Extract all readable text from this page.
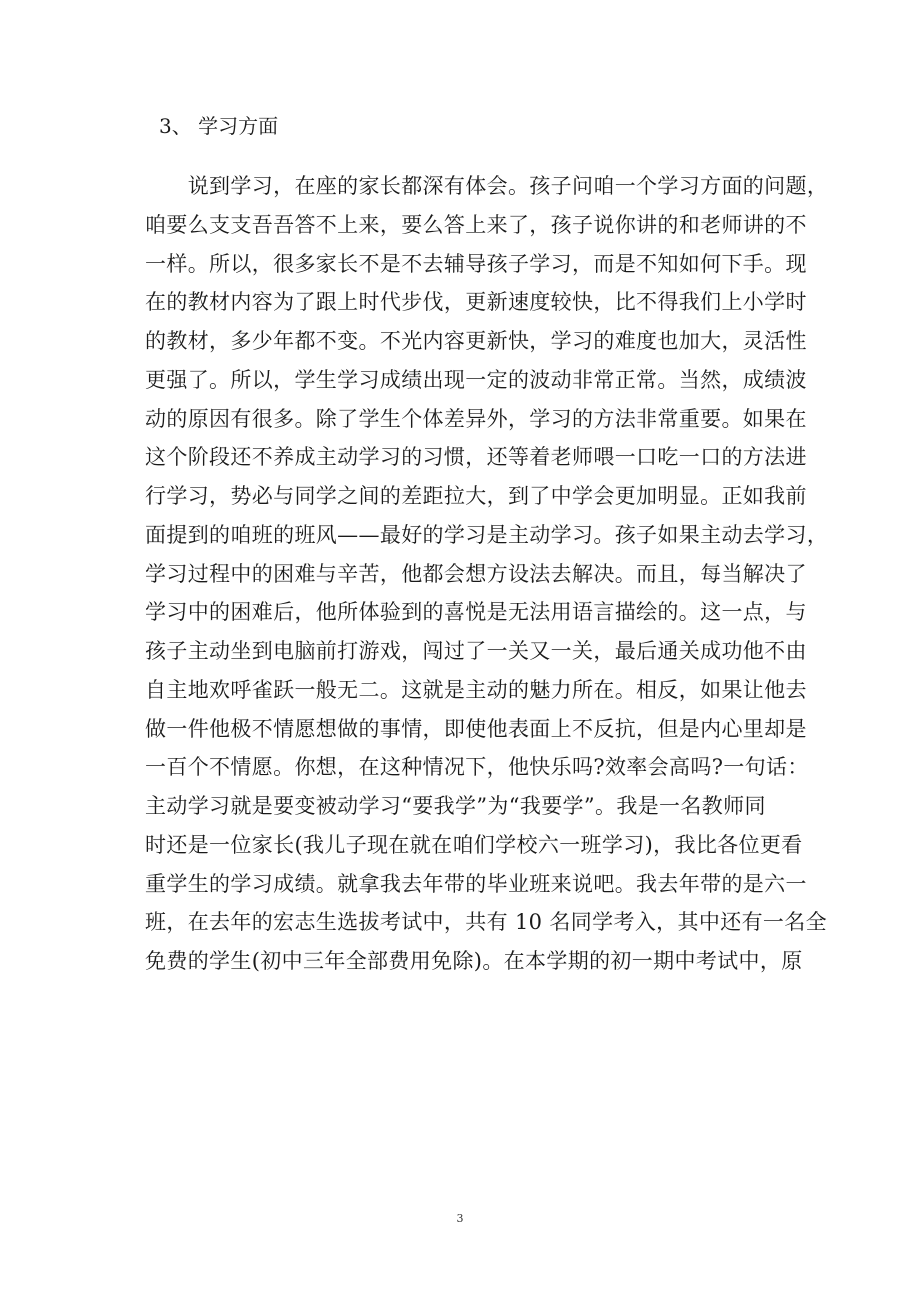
3、 学习方面
　　说到学习，在座的家长都深有体会。孩子问咱一个学习方面的问题，
咱要么支支吾吾答不上来，要么答上来了，孩子说你讲的和老师讲的不
一样。所以，很多家长不是不去辅导孩子学习，而是不知如何下手。现
在的教材内容为了跟上时代步伐，更新速度较快，比不得我们上小学时
的教材，多少年都不变。不光内容更新快，学习的难度也加大，灵活性
更强了。所以，学生学习成绩出现一定的波动非常正常。当然，成绩波
动的原因有很多。除了学生个体差异外，学习的方法非常重要。如果在
这个阶段还不养成主动学习的习惯，还等着老师喂一口吃一口的方法进
行学习，势必与同学之间的差距拉大，到了中学会更加明显。正如我前
面提到的咱班的班风——最好的学习是主动学习。孩子如果主动去学习，
学习过程中的困难与辛苦，他都会想方设法去解决。而且，每当解决了
学习中的困难后，他所体验到的喜悦是无法用语言描绘的。这一点，与
孩子主动坐到电脑前打游戏，闯过了一关又一关，最后通关成功他不由
自主地欢呼雀跃一般无二。这就是主动的魅力所在。相反，如果让他去
做一件他极不情愿想做的事情，即使他表面上不反抗，但是内心里却是
一百个不情愿。你想，在这种情况下，他快乐吗?效率会高吗?一句话：
主动学习就是要变被动学习“要我学”为“我要学”。我是一名教师同
时还是一位家长(我儿子现在就在咱们学校六一班学习)，我比各位更看
重学生的学习成绩。就拿我去年带的毕业班来说吧。我去年带的是六一
班，在去年的宏志生选拔考试中，共有 10 名同学考入，其中还有一名全
免费的学生(初中三年全部费用免除)。在本学期的初一期中考试中，原
3
